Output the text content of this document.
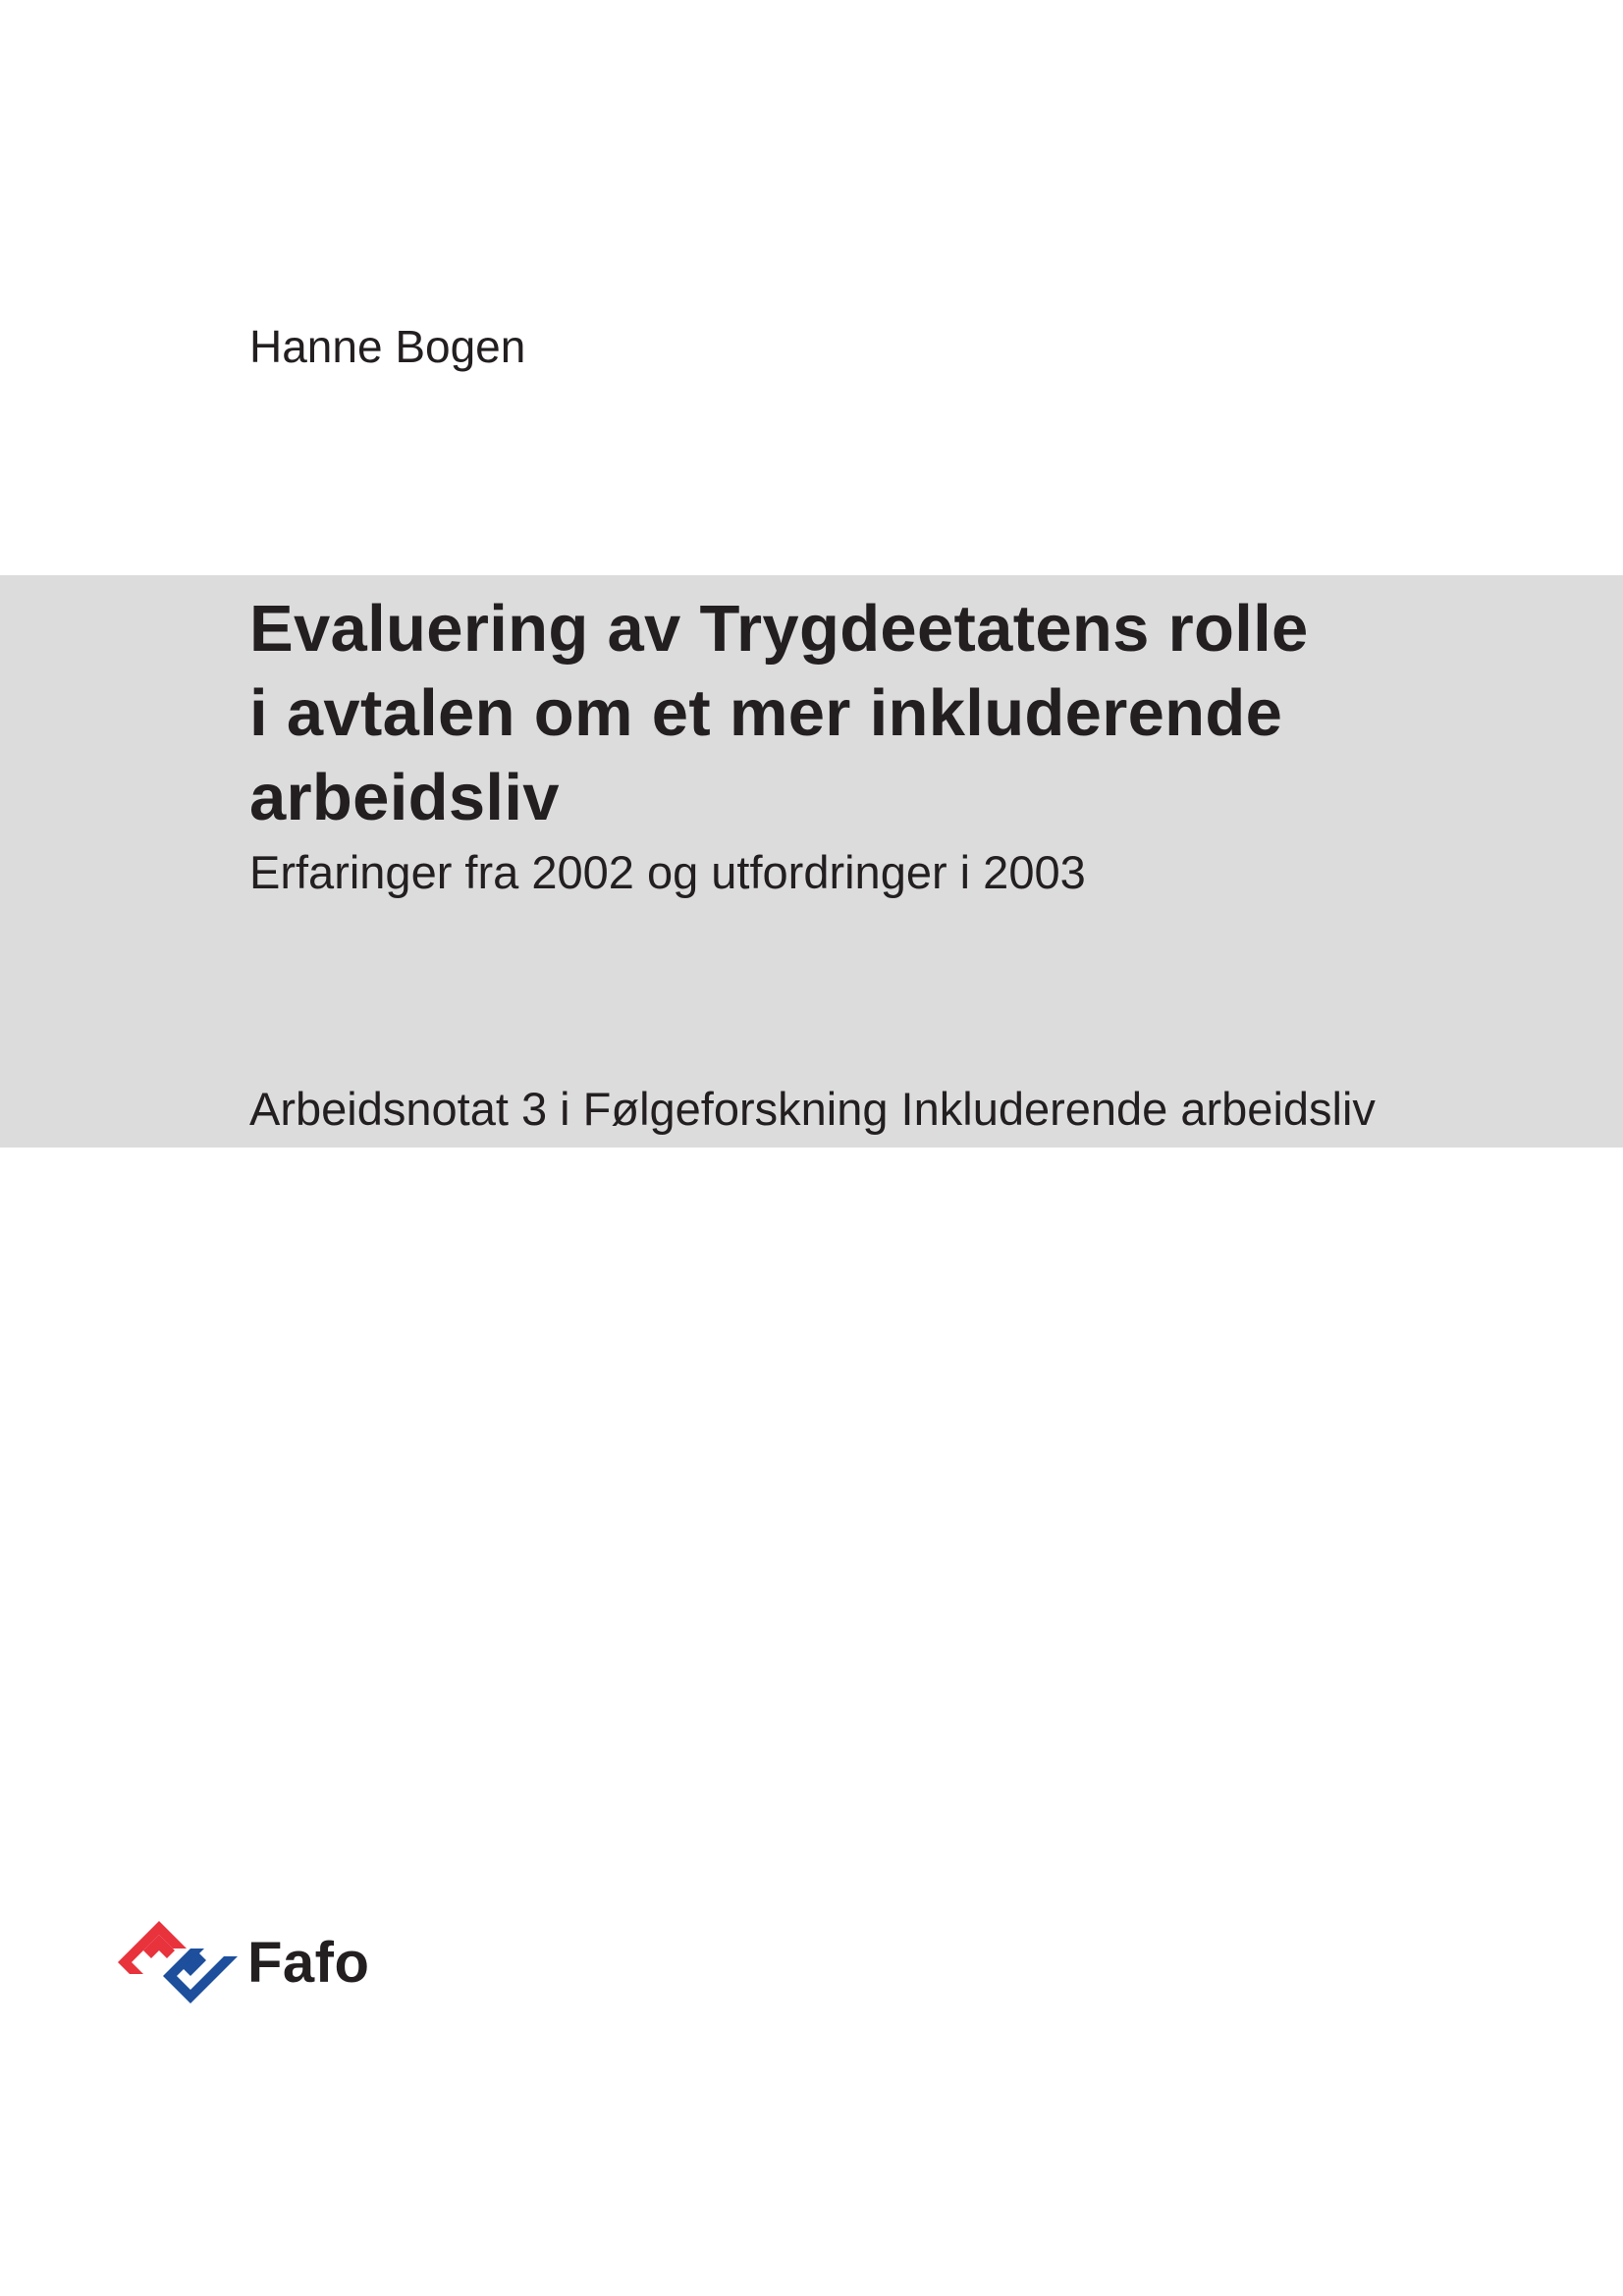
Hanne Bogen
Evaluering av Trygdeetatens rolle
i avtalen om et mer inkluderende
arbeidsliv
Erfaringer fra 2002 og utfordringer i 2003
Arbeidsnotat 3 i Følgeforskning Inkluderende arbeidsliv
Fafo
